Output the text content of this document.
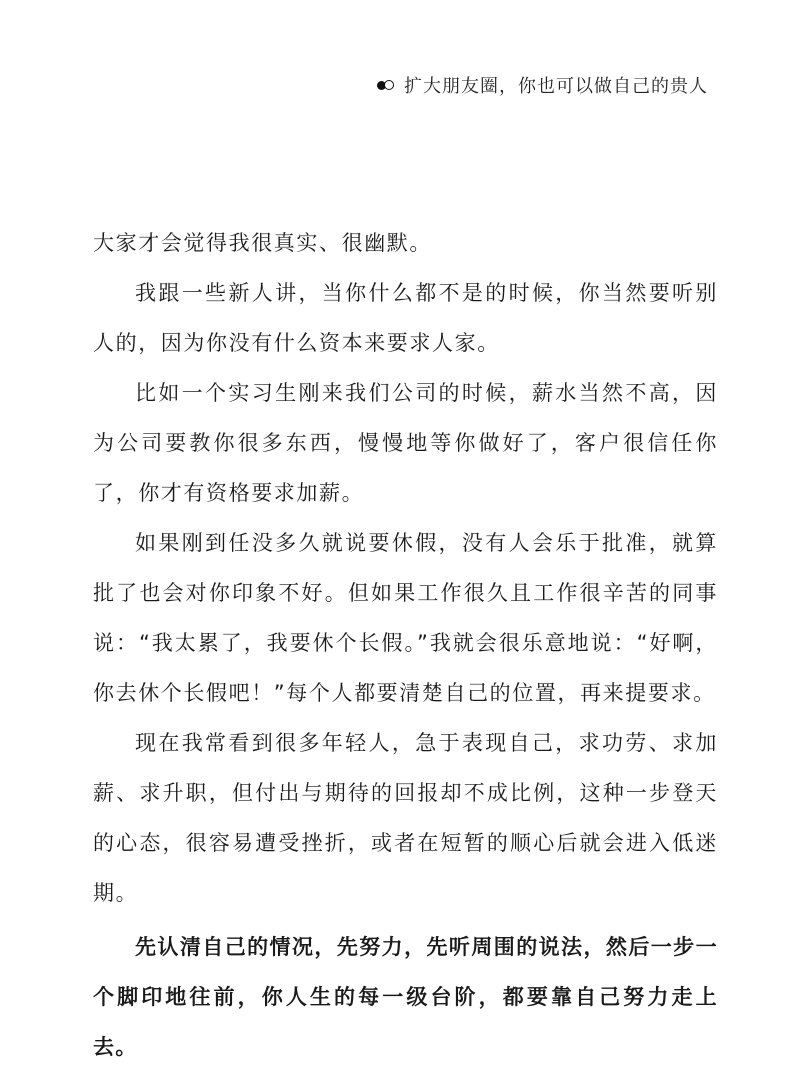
扩大朋友圈，你也可以做自己的贵人

大家才会觉得我很真实、很幽默。

我跟一些新人讲，当你什么都不是的时候，你当然要听别人的，因为你没有什么资本来要求人家。

比如一个实习生刚来我们公司的时候，薪水当然不高，因为公司要教你很多东西，慢慢地等你做好了，客户很信任你了，你才有资格要求加薪。

如果刚到任没多久就说要休假，没有人会乐于批准，就算批了也会对你印象不好。但如果工作很久且工作很辛苦的同事说：“我太累了，我要休个长假。”我就会很乐意地说：“好啊，你去休个长假吧！”每个人都要清楚自己的位置，再来提要求。

现在我常看到很多年轻人，急于表现自己，求功劳、求加薪、求升职，但付出与期待的回报却不成比例，这种一步登天的心态，很容易遭受挫折，或者在短暂的顺心后就会进入低迷期。

先认清自己的情况，先努力，先听周围的说法，然后一步一个脚印地往前，你人生的每一级台阶，都要靠自己努力走上去。
